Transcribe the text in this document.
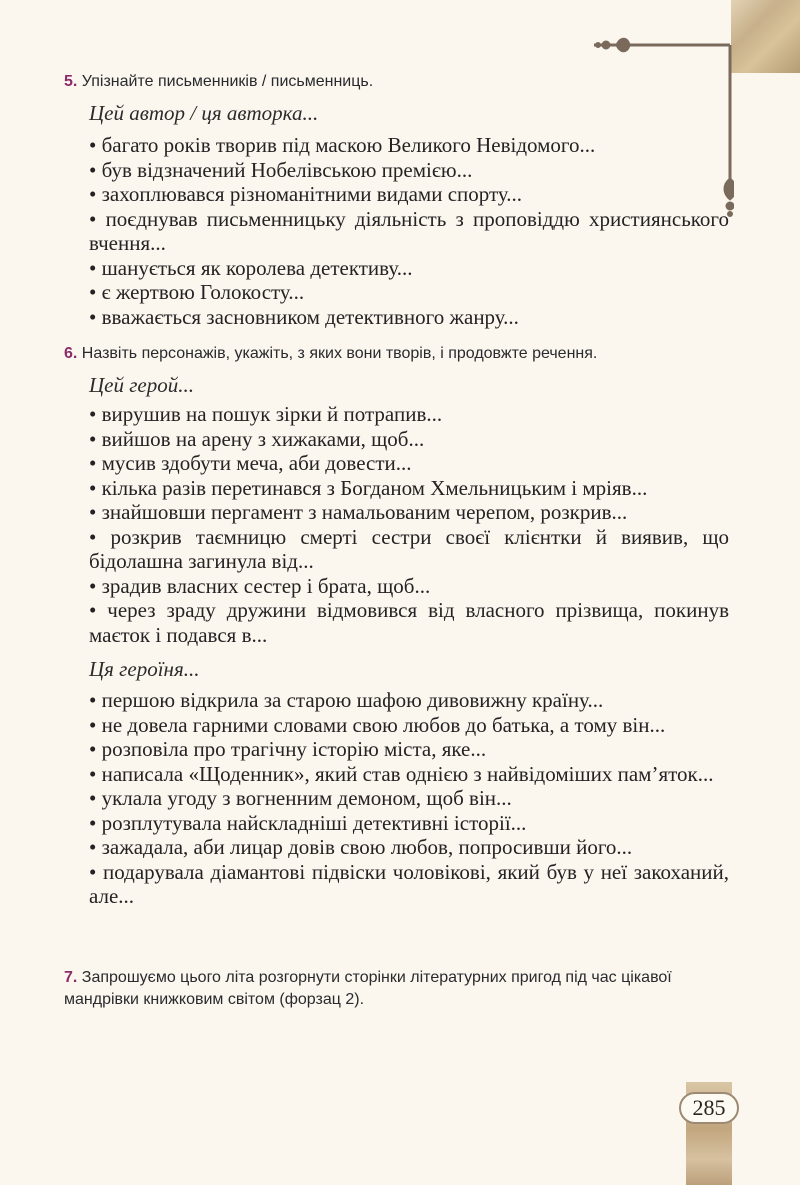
5. Упізнайте письменників / письменниць.
Цей автор / ця авторка...
• багато років творив під маскою Великого Невідомого...
• був відзначений Нобелівською премією...
• захоплювався різноманітними видами спорту...
• поєднував письменницьку діяльність з проповіддю християнського вчення...
• шанується як королева детективу...
• є жертвою Голокосту...
• вважається засновником детективного жанру...
6. Назвіть персонажів, укажіть, з яких вони творів, і продовжте речення.
Цей герой...
• вирушив на пошук зірки й потрапив...
• вийшов на арену з хижаками, щоб...
• мусив здобути меча, аби довести...
• кілька разів перетинався з Богданом Хмельницьким і мріяв...
• знайшовши пергамент з намальованим черепом, розкрив...
• розкрив таємницю смерті сестри своєї клієнтки й виявив, що бідолашна загинула від...
• зрадив власних сестер і брата, щоб...
• через зраду дружини відмовився від власного прізвища, покинув маєток і подався в...
Ця героїня...
• першою відкрила за старою шафою дивовижну країну...
• не довела гарними словами свою любов до батька, а тому він...
• розповіла про трагічну історію міста, яке...
• написала «Щоденник», який став однією з найвідоміших пам’яток...
• уклала угоду з вогненним демоном, щоб він...
• розплутувала найскладніші детективні історії...
• зажадала, аби лицар довів свою любов, попросивши його...
• подарувала діамантові підвіски чоловікові, який був у неї закоханий, але...
7. Запрошуємо цього літа розгорнути сторінки літературних пригод під час цікавої мандрівки книжковим світом (форзац 2).
285
